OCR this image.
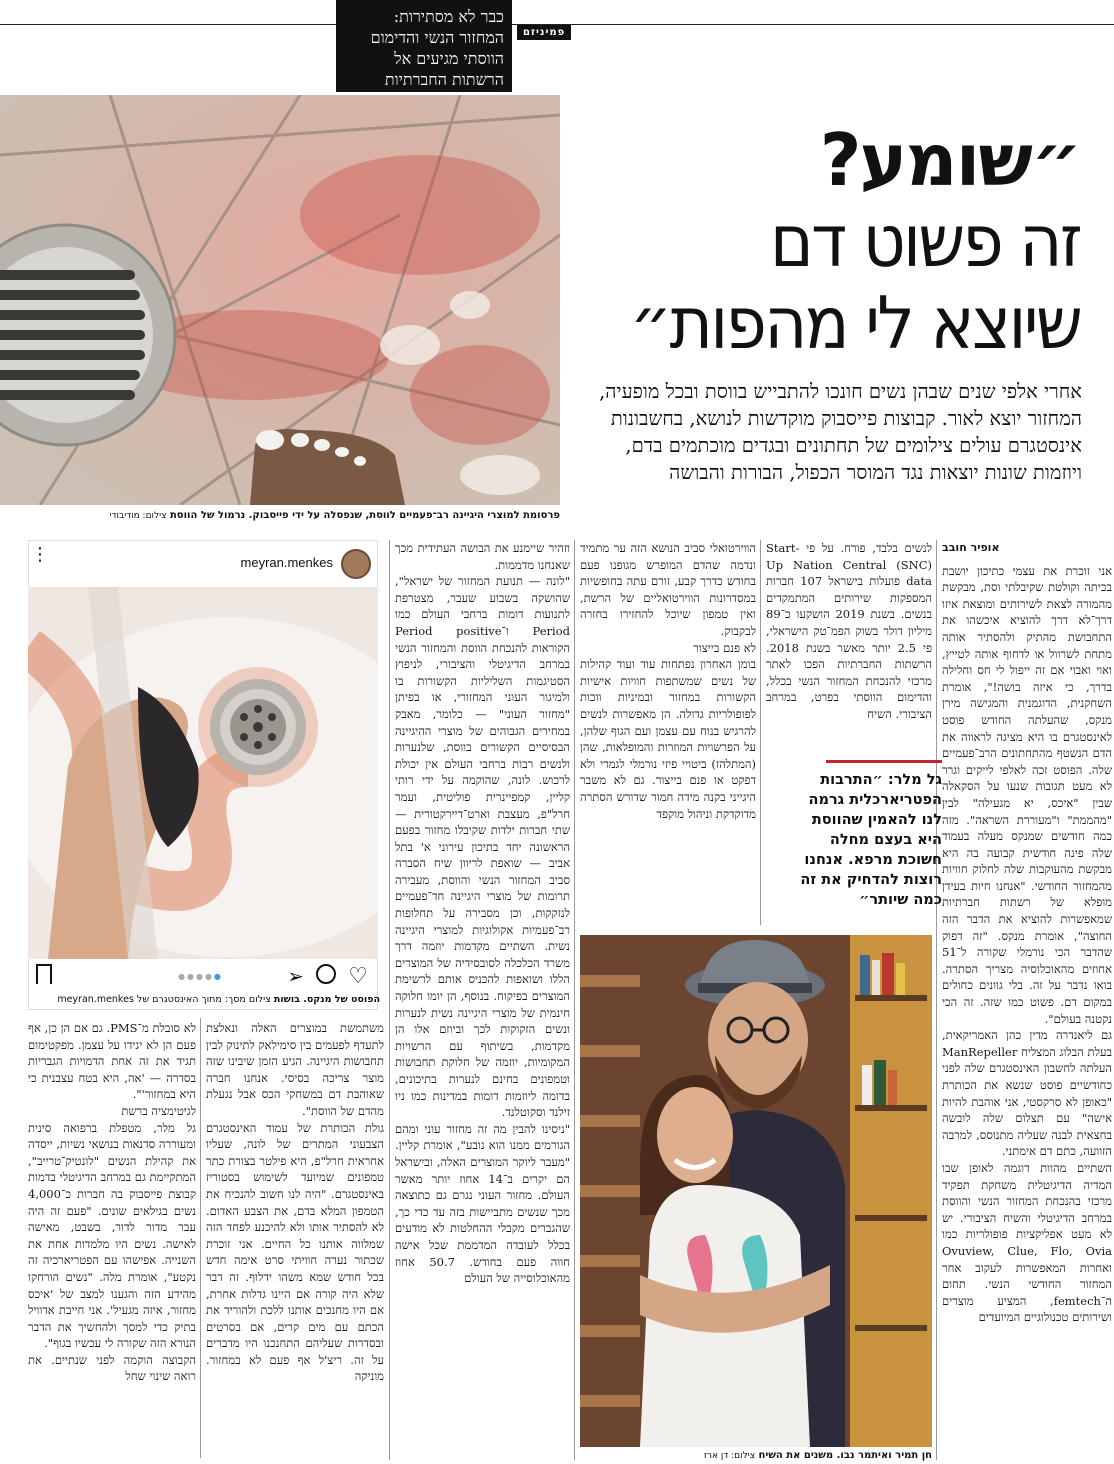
כבר לא מסתירות:
המחזור הנשי והדימום
הווסתי מגיעים אל
הרשתות החברתיות
פמיניזם
״שומע?
זה פשוט דם
שיוצא לי מהפות״
אחרי אלפי שנים שבהן נשים חונכו להתבייש בווסת ובכל מופעיה, המחזור יוצא לאור. קבוצות פייסבוק מוקדשות לנושא, בחשבונות אינסטגרם עולים צילומים של תחתונים ובגדים מוכתמים בדם, ויוזמות שונות יוצאות נגד המוסר הכפול, הבורות והבושה
פרסומת למוצרי היגיינה רב־פעמיים לווסת, שנפסלה על ידי פייסבוק. נרמול של הווסת צילום: מודיבודי
אופיר חובב

אני זוכרת את עצמי כתיכון יושבת בכיתה וקולטת שקיבלתי וסת, מבקשת מהמורה לצאת לשירותים ומוצאת איזו דרך־לא דרך להוציא איכשהו את התחבושת מהתיק ולהסתיר אותה מתחת לשרוול או לדחוף אותה לטייץ, ואוי ואבוי אם זה ייפול לי חס וחלילה בדרך, כי איזה בושה!", אומרת השחקנית, הדוגמנית והמגישה מירן מנקס, שהעלתה החודש פוסט לאינסטגרם בו היא מציגה לראווה את הדם הנשטף מהתחתונים הרב־פעמיים שלה. הפוסט זכה לאלפי לייקים וגרר לא מעט תגובות שנעו על הסקאלה שבין "איכס, יא מגעילה" לבין "מהממת" ו"מעוררת השראה". מזה כמה חודשים שמנקס מעלה בעמוד שלה פינה חודשית קבועה בה היא מבקשת מהעוקבות שלה לחלוק חוויות מהמחזור החודשי. "אנחנו חיות בעידן מופלא של רשתות חברתיות שמאפשרות להוציא את הדבר הזה החוצה", אומרת מנקס. "זה דפוק שהדבר הכי נורמלי שקורה ל־51 אחוזים מהאוכלוסיה מצריך הסתרה. בואו נדבר על זה. בלי גוונים כחולים במקום דם. פשוט כמו שזה. זה הכי נקטנה בעולם".
גם ליאנדרה מדין כהן האמריקאית, בעלת הבלוג המצליח ManRepeller העלתה לחשבון האינסטגרם שלה לפני כחודשיים פוסט שנשא את הכותרת "כאופן לא סרקסטי, אני אוהבת להיות אישה" עם תצלום שלה לובשה בחצאית לבנה שעליה מתנוסס, למרבה הזוועה, כתם דם אימתני.
השתיים מהוות דוגמה לאופן שבו המדיה הדיגיטלית משחקת תפקיד מרכזי בהנכחת המחזור הנשי והווסת במרחב הדיגיטלי והשיח הציבורי. יש לא מעט אפליקציות פופולריות כמו Ovuview, Clue, Flo, Ovia ואחרות המאפשרות לעקוב אחר המחזור החודשי הנשי. תחום ה־femtech, המציע מוצרים ושירותים טכנולוגיים המיועדים

לנשים בלבד, פורח. על פי Start-Up Nation Central (SNC) data פועלות בישראל 107 חברות המספקות שירותים המתמקדים בנשים. בשנת 2019 הושקעו כ־89 מיליון דולר בשוק הפמ־טק הישראלי, פי 2.5 יותר מאשר בשנת 2018. הרשתות החברתיות הפכו לאתר מרכזי להנכחת המחזור הנשי בכלל, והדימום הווסתי בפרט, במרחב הציבורי. השיח

גל מלר: ״התרבות הפטריארכלית גרמה לנו להאמין שהווסת היא בעצם מחלה חשוכת מרפא. אנחנו רוצות להדחיק את זה כמה שיותר״

הווירטואלי סביב הנושא הזה ער מתמיד ונדמה שהדם המופרש מגופנו פעם בחודש כדרך קבע, זורם עתה בחופשיות במסדרונות הווירטואליים של הרשת, ואין טמפון שיוכל להחזירו בחזרה לבקבוק.
לא פנם בייצור
בומן האחרון נפתחות עוד ועוד קהילות של נשים שמשתפות חוויות אישיות הקשורות במחזור ובמיניות ווכות לפופולריות גדולה. הן מאפשרות לנשים להרגיש בנוח עם עצמן ועם הגוף שלהן, על הפרשויות המוזרות והמופלאות, שהן (המתלהז) ביטויי פיזי נורמלי לגמרי ולא דפקט או פנם בייצור. גם לא משבר היגייני בקנה מידה חמור שדורש הסתרה מדוקדקת וניהול מוקפד

חן תמיר ואיתמר נבו. משנים את השיח צילום: דן ארז

וזהיר שיימנע את הבושה העתידית מכך שאנחנו מדממות.
"לונה — תנועת המחזור של ישראל", שהושקה בשבוע שעבר, מצטרפת לתנועות דומות ברחבי העולם כמו Period ו־Period positive הקוראות להנכחת הווסת והמחזור הנשי במרחב הדיגיטלי והציבורי, לניפוץ הסטיגמות השליליות הקשורות בו ולמיגור העוני המחזורי, או בפיתן "מחזור העוני" — כלומר, מאבק במחירים הגבוהים של מוצרי ההיגיינה הבסיסיים הקשורים בווסת, שלנערות ולנשים רבות ברחבי העולם אין יכולת לרכוש. לונה, שהוקמה על ידי רותי קליין, קמפיינרית פוליטית, ועמר חרל"פ, מעצבת וארט־דיירקטורית — שתי חברות ילדות שקיבלו מחזור בפעם הראשונה יחד בתיכון עירוני א' בתל אביב — שואפת לריוון שיח הסברה סביב המחזור הנשי והווסת, מעבירה תרומות של מוצרי היגיינה חד־פעמיים לנזקקות, וכן מסבירה על תחלופות רב־פעמיות אקולוגיות למוצרי היגיינה נשית. השתיים מקדמות יוזמה דרך משרד הכלכלה לסובסידיה של המוצרים הללו ושואפות להכניס אותם לרשימת המוצרים בפיקוח. בנוסף, הן יומו חלוקה חינמית של מוצרי היגיינה נשית לנערות ונשים הזקוקות לכך וביוזם אלו הן מקדמות, בשיתוף עם הרשויות המקומיות, יוזמה של חלוקת תחבושות וטמפונים בחינם לנערות בתיכונים, בדומה ליוזמות דומות במדינות כמו ניו זילנד וסקוטלנד.
"ניסינו להבין מה זה מחזור עוני ומהם הגורמים ממנו הוא נובע", אומרת קליין. "מעבר ליוקר המוצרים האלה, ובישראל הם יקרים ב־14 אחוז יותר מאשר העולם. מחזור העוני נגרם גם כתוצאה מכך שנשים מתביישות בזה עד כדי כך, שהגברים מקבלי ההחלטות לא מודעים בכלל לעובדה המדממת שכל אישה חווה פעם בחודש. 50.7 אחוז מהאוכלוסייה של העולם

meyran.menkes
⋮
♡
➢
●●●●●
הפוסט של מנקס. בושות צילום מסך: מתוך האינסטגרם של meyran.menkes

משתמשת במוצרים האלה ונאלצת לתעדף לפעמים בין סימילאק לתינוק לבין תחבושות היגיינה. הגיע הזמן שיבינו שזה מוצר צריכה בסיסי. אנחנו חברה שאוהבת דם במשחקי הכס אבל נגעלת מהדם של הווסת".
גולת הכותרת של עמוד האינסטגרם הצבעוני המתרים של לונה, שעליו אחראית חרל"פ, היא פילטר בצורת כתר טמפונים שמיועד לשימוש בסטוריז באינסטגרם. "היה לנו חשוב להנכיח את הטמפון המלא בדם, את הצבע האדום. לא להסתיר אותו ולא להיכנע לפחד הזה שמלווה אותנו כל החיים. אני זוכרת שכתור נערה חוויתי סרט אימה חדש בכל חודש שמא משהו ידלוף. זה דבר שלא היה קורה אם היינו גדלות אחרת, אם היו מחנכים אותנו ללכת ולהוריד את הכתם עם מים קרים, אם בסרטים ובסדרות שעליהם התחנכנו היו מדברים על זה. ריצ'ל אף פעם לא במחזור. מוניקה

לא סובלת מ־PMS. גם אם הן כן, אף פעם הן לא יגידו על עצמן. מפקטימום תגיד את זה אחת הדמויות הגבריות בסדרה — 'אה, היא בטח עצבנית כי היא במחזור'".
לגיטימציה ברשת
גל מלר, מטפלת ברפואה סינית ומעוררה סדנאות בנושאי נשיות, ייסדה את קהילת הנשים "לונטיק־טרייב", המתקיימת גם במרחב הדיגיטלי בדמות קבוצת פייסבוק בה חברות כ־4,000 נשים בגילאים שונים. "פעם זה היה עבר מדור לדור, בשבט, מאישה לאישה. נשים היו מלמדות אחת את השנייה. אפישהו עם הפטריארכיה זה נקטע", אומרת מלה. "נשים הורחקו מהידע הזה והגענו למצב של 'איכס מחזור, איזה מגעיל'. אני חייבת אדוויל בתיק כדי למסך ולהחשיך את הדבר הנורא הזה שקורה לי עכשיו בגוף".
הקבוצה הוקמה לפני שנתיים. את רואה שינוי שחל
